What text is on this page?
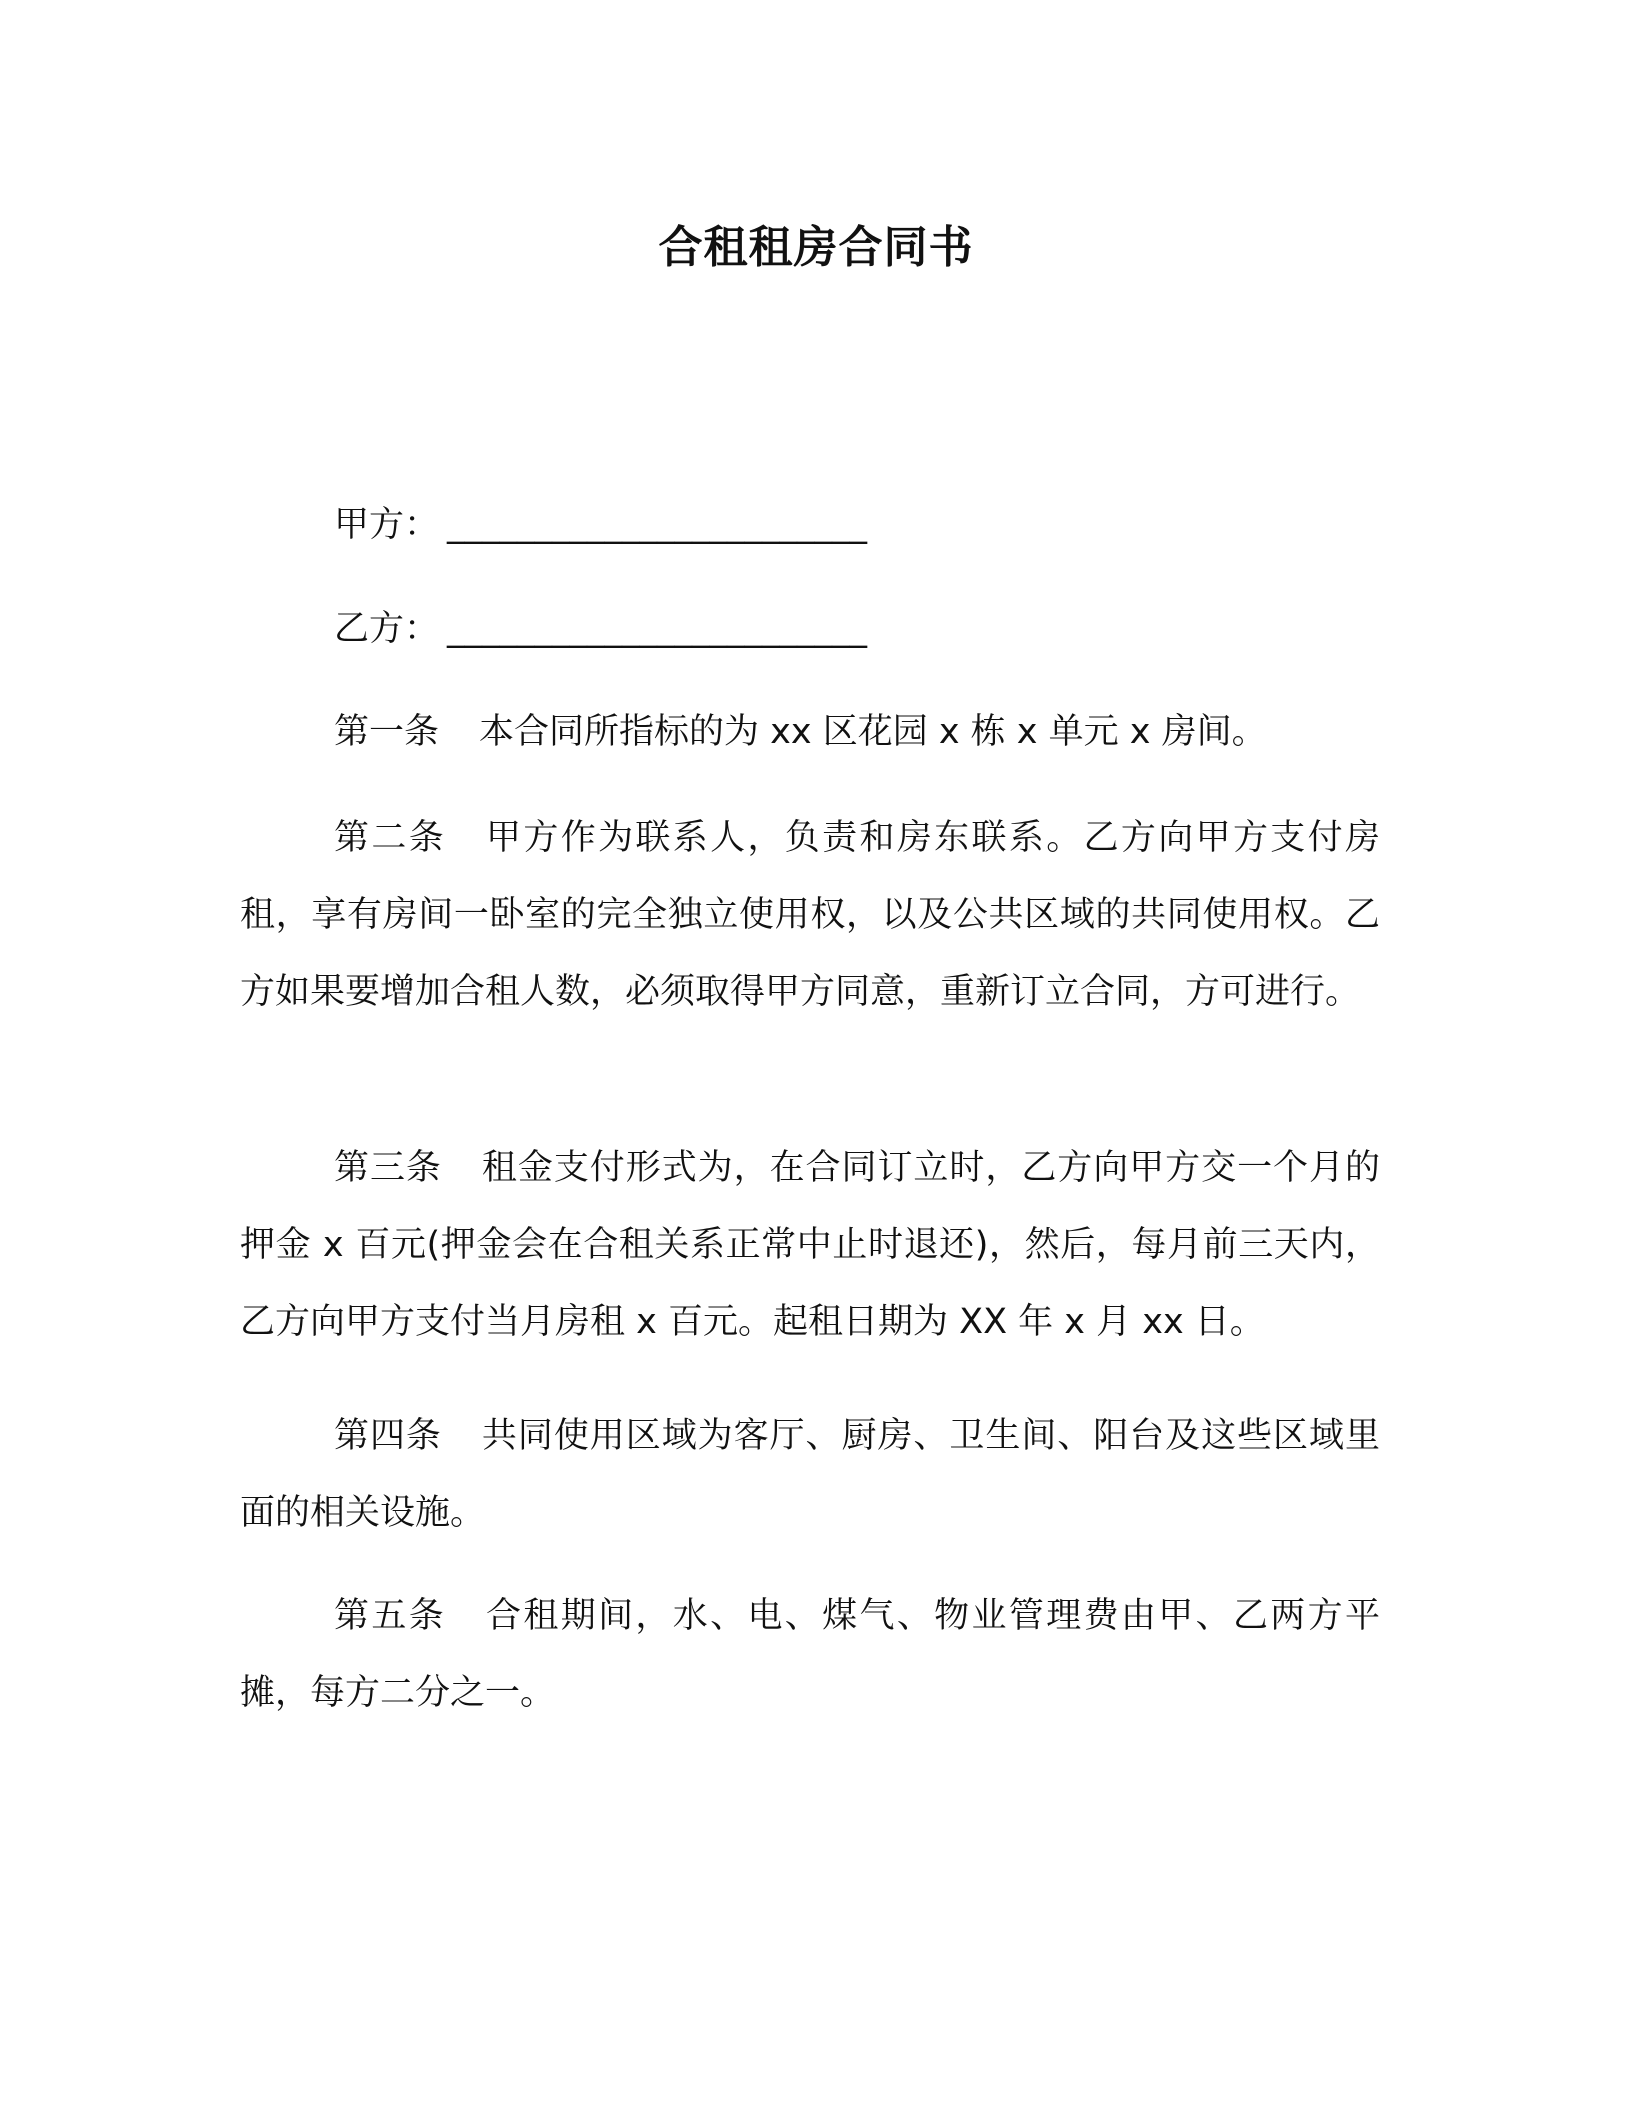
合租租房合同书
甲方： ________________________
乙方： ________________________
第一条 本合同所指标的为 xx 区花园 x 栋 x 单元 x 房间。
第二条 甲方作为联系人，负责和房东联系。乙方向甲方支付房租，享有房间一卧室的完全独立使用权，以及公共区域的共同使用权。乙方如果要增加合租人数，必须取得甲方同意，重新订立合同，方可进行。
第三条 租金支付形式为，在合同订立时，乙方向甲方交一个月的押金 x 百元(押金会在合租关系正常中止时退还)，然后，每月前三天内，乙方向甲方支付当月房租 x 百元。起租日期为 XX 年 x 月 xx 日。
第四条 共同使用区域为客厅、厨房、卫生间、阳台及这些区域里面的相关设施。
第五条 合租期间，水、电、煤气、物业管理费由甲、乙两方平摊，每方二分之一。
